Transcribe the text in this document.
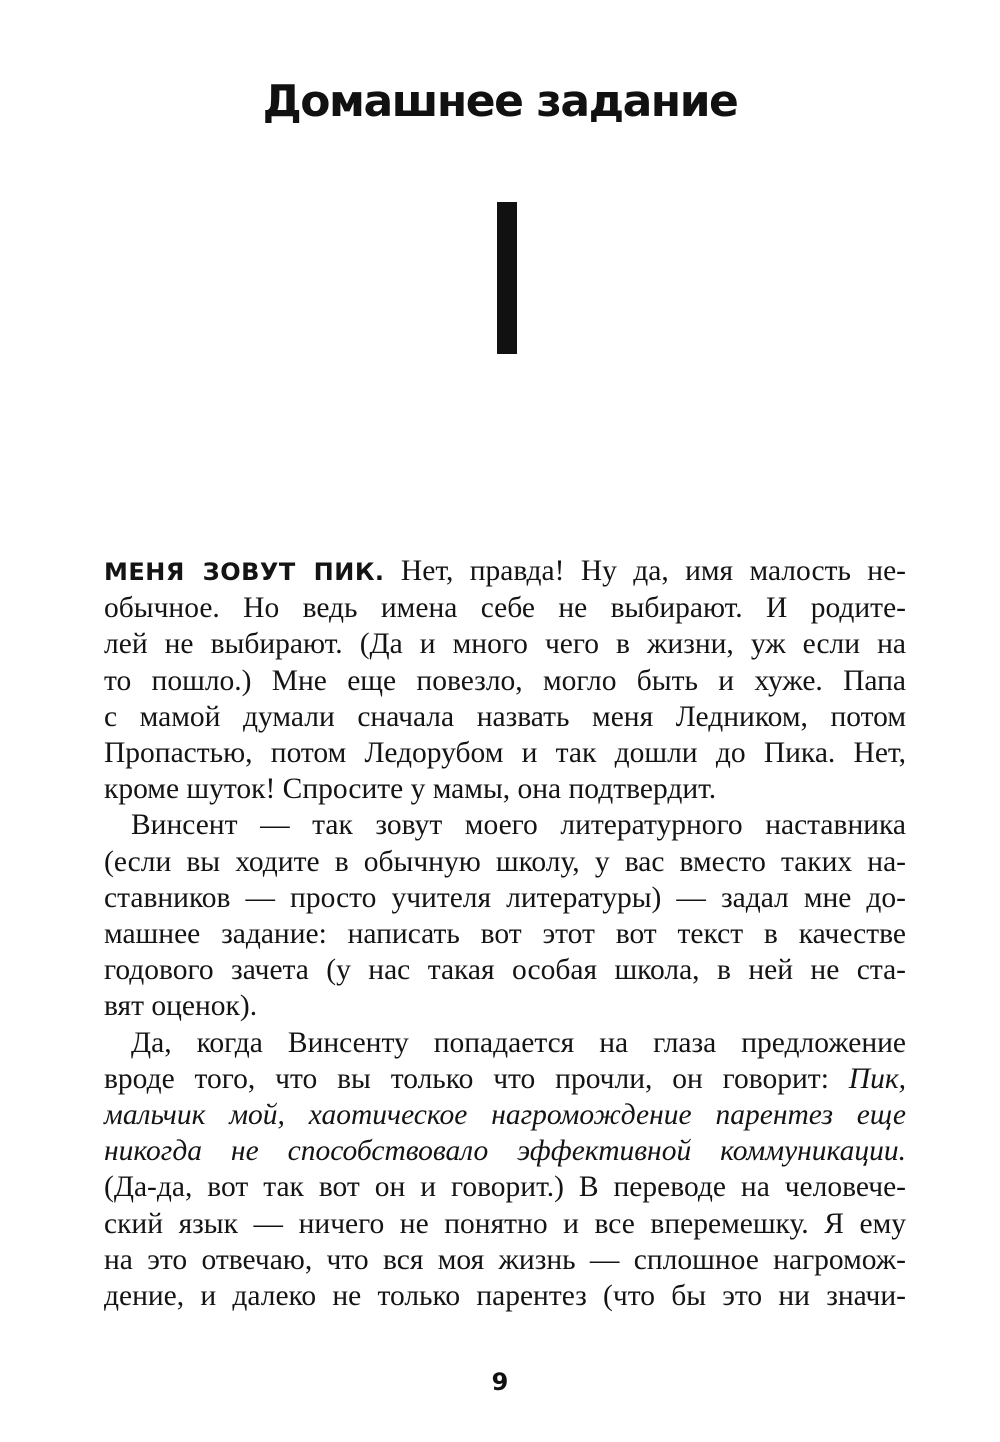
Домашнее задание

МЕНЯ ЗОВУТ ПИК. Нет, правда! Ну да, имя малость не-
обычное. Но ведь имена себе не выбирают. И родите-
лей не выбирают. (Да и много чего в жизни, уж если на
то пошло.) Мне еще повезло, могло быть и хуже. Папа
с мамой думали сначала назвать меня Ледником, потом
Пропастью, потом Ледорубом и так дошли до Пика. Нет,
кроме шуток! Спросите у мамы, она подтвердит.

Винсент — так зовут моего литературного наставника
(если вы ходите в обычную школу, у вас вместо таких на-
ставников — просто учителя литературы) — задал мне до-
машнее задание: написать вот этот вот текст в качестве
годового зачета (у нас такая особая школа, в ней не ста-
вят оценок).

Да, когда Винсенту попадается на глаза предложение
вроде того, что вы только что прочли, он говорит: Пик,
мальчик мой, хаотическое нагромождение парентез еще
никогда не способствовало эффективной коммуникации.
(Да-да, вот так вот он и говорит.) В переводе на человече-
ский язык — ничего не понятно и все вперемешку. Я ему
на это отвечаю, что вся моя жизнь — сплошное нагромож-
дение, и далеко не только парентез (что бы это ни значи-

9
